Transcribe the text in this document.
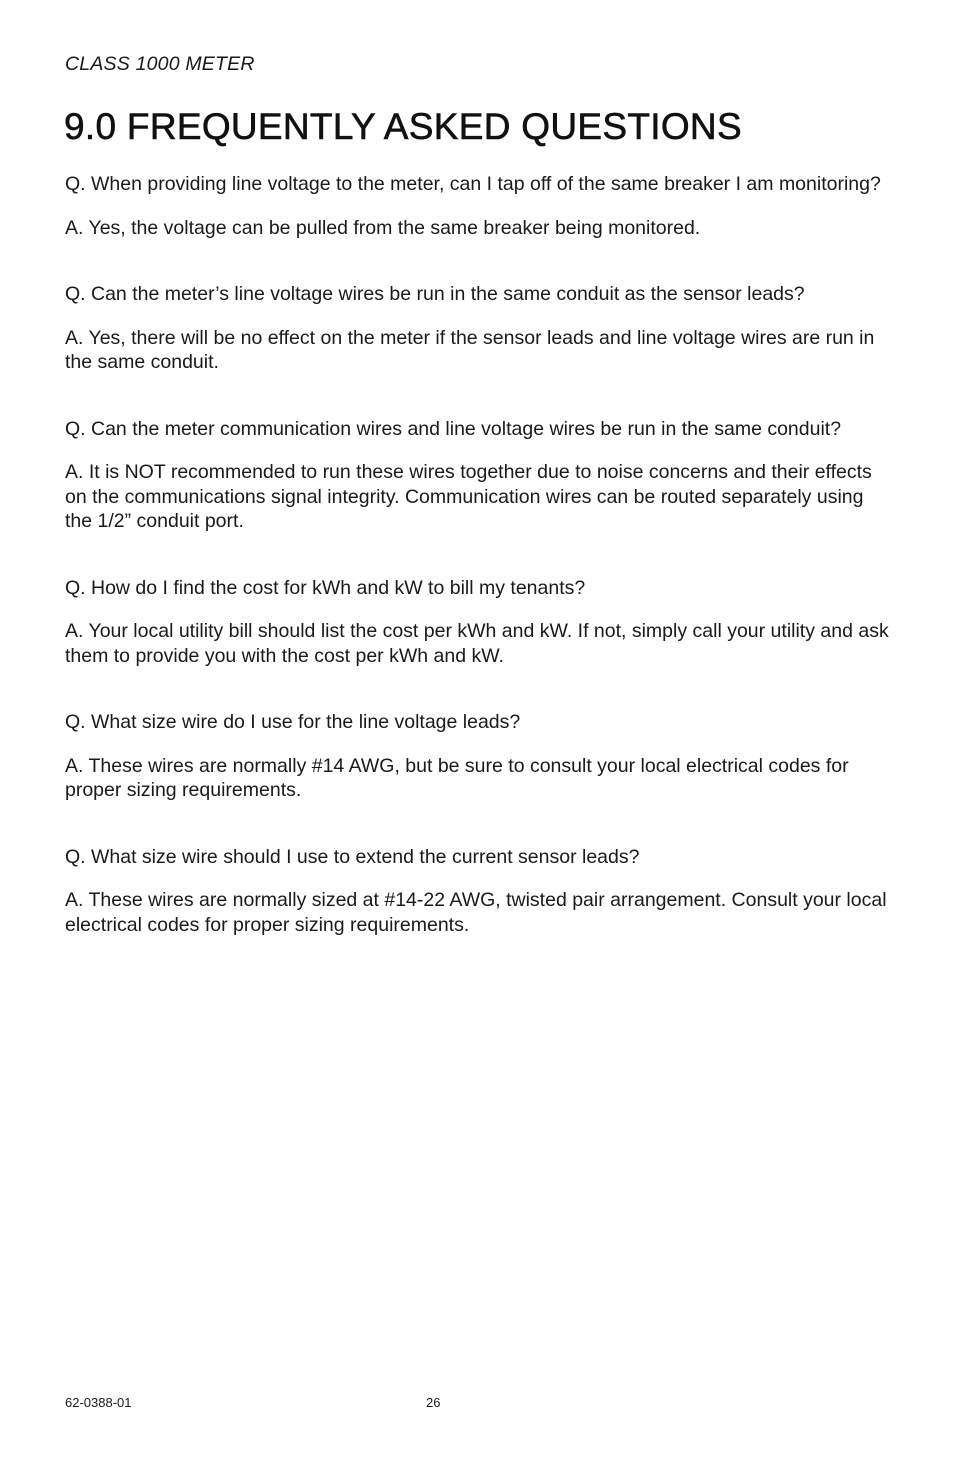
CLASS 1000 METER
9.0 FREQUENTLY ASKED QUESTIONS

Q. When providing line voltage to the meter, can I tap off of the same breaker I am monitoring?

A. Yes, the voltage can be pulled from the same breaker being monitored.

Q. Can the meter’s line voltage wires be run in the same conduit as the sensor leads?

A. Yes, there will be no effect on the meter if the sensor leads and line voltage wires are run in the same conduit.

Q. Can the meter communication wires and line voltage wires be run in the same conduit?

A. It is NOT recommended to run these wires together due to noise concerns and their effects on the communications signal integrity. Communication wires can be routed separately using the 1/2” conduit port.

Q. How do I find the cost for kWh and kW to bill my tenants?

A. Your local utility bill should list the cost per kWh and kW. If not, simply call your utility and ask them to provide you with the cost per kWh and kW.

Q. What size wire do I use for the line voltage leads?

A. These wires are normally #14 AWG, but be sure to consult your local electrical codes for proper sizing requirements.

Q. What size wire should I use to extend the current sensor leads?

A. These wires are normally sized at #14-22 AWG, twisted pair arrangement. Consult your local electrical codes for proper sizing requirements.

62-0388-01	26
